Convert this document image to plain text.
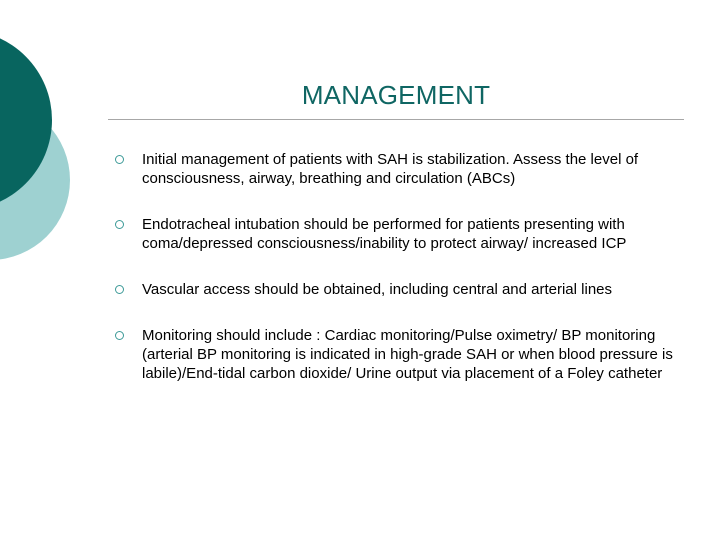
MANAGEMENT
Initial management of patients with SAH is stabilization. Assess the level of consciousness, airway, breathing and circulation (ABCs)
Endotracheal intubation should be performed for patients presenting with coma/depressed consciousness/inability to protect airway/ increased ICP
Vascular access should be obtained, including central and arterial lines
Monitoring should include : Cardiac monitoring/Pulse oximetry/ BP monitoring (arterial BP monitoring is indicated in high-grade SAH or when blood pressure is labile)/End-tidal carbon dioxide/ Urine output via placement of a Foley catheter
